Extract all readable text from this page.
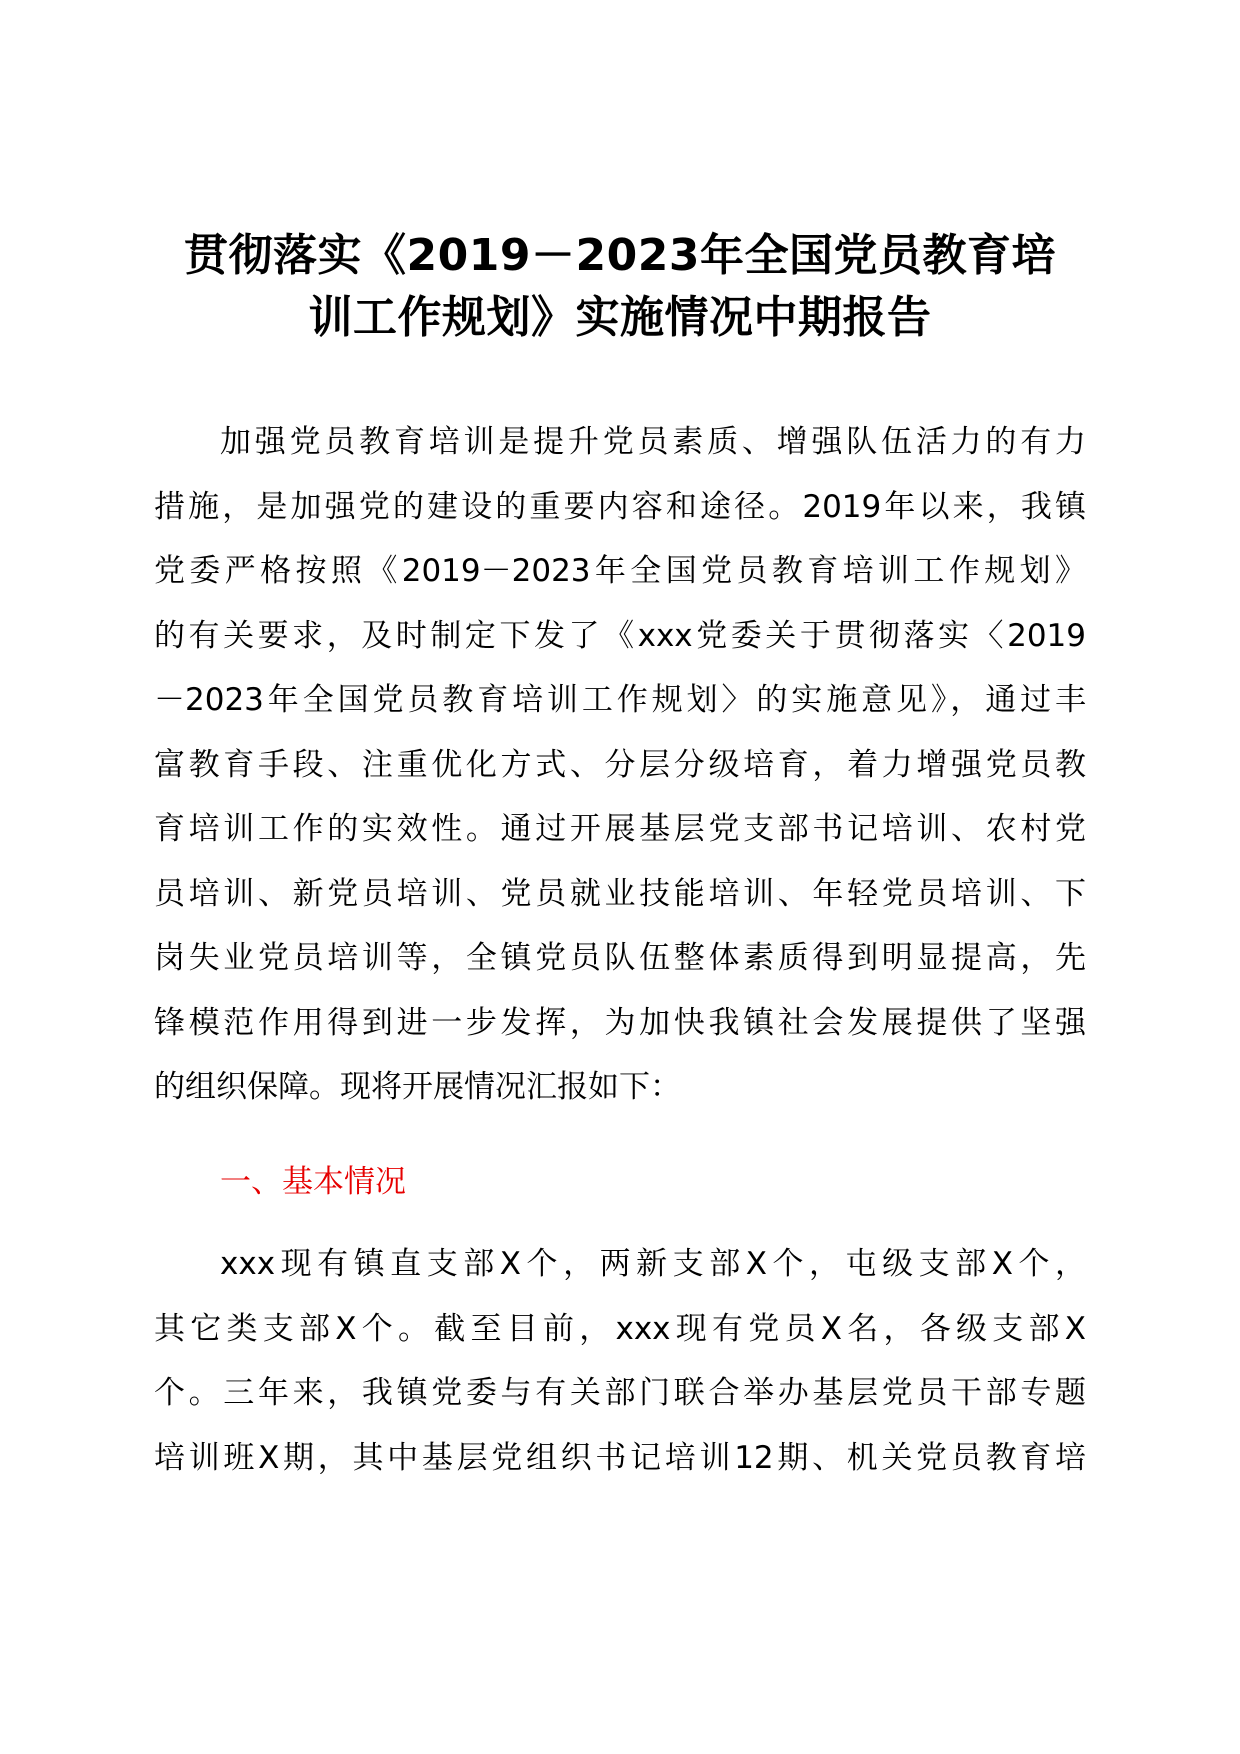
贯彻落实《2019－2023年全国党员教育培
训工作规划》实施情况中期报告
加强党员教育培训是提升党员素质、增强队伍活力的有力
措施，是加强党的建设的重要内容和途径。2019年以来，我镇
党委严格按照《2019－2023年全国党员教育培训工作规划》
的有关要求，及时制定下发了《xxx党委关于贯彻落实〈2019
－2023年全国党员教育培训工作规划〉的实施意见》，通过丰
富教育手段、注重优化方式、分层分级培育，着力增强党员教
育培训工作的实效性。通过开展基层党支部书记培训、农村党
员培训、新党员培训、党员就业技能培训、年轻党员培训、下
岗失业党员培训等，全镇党员队伍整体素质得到明显提高，先
锋模范作用得到进一步发挥，为加快我镇社会发展提供了坚强
的组织保障。现将开展情况汇报如下：
一、基本情况
xxx现有镇直支部X个，两新支部X个，屯级支部X个，
其它类支部X个。截至目前，xxx现有党员X名，各级支部X
个。三年来，我镇党委与有关部门联合举办基层党员干部专题
培训班X期，其中基层党组织书记培训12期、机关党员教育培
